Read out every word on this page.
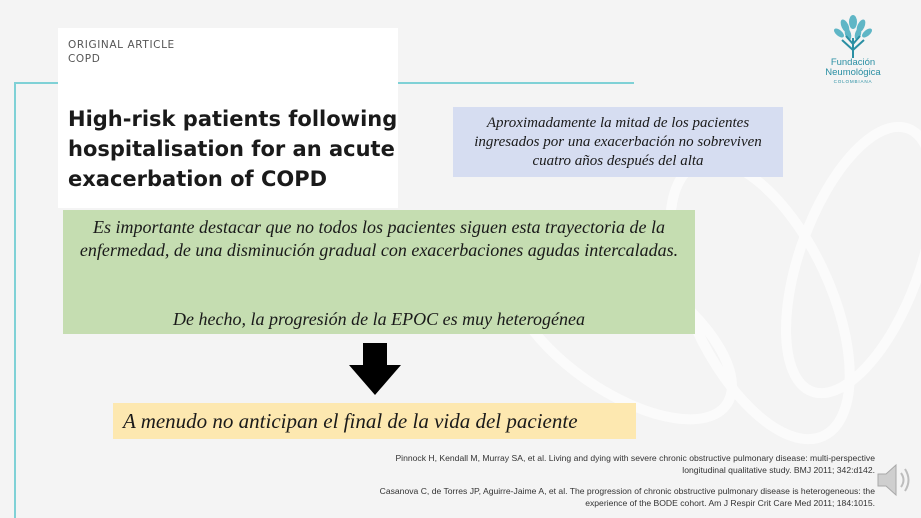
ORIGINAL ARTICLE
COPD
High-risk patients following hospitalisation for an acute exacerbation of COPD
Aproximadamente la mitad de los pacientes ingresados por una exacerbación no sobreviven cuatro años después del alta
Es importante destacar que no todos los pacientes siguen esta trayectoria de la enfermedad, de una disminución gradual con exacerbaciones agudas intercaladas.
De hecho, la progresión de la EPOC es muy heterogénea
A menudo no anticipan el final de la vida del paciente
Pinnock H, Kendall M, Murray SA, et al. Living and dying with severe chronic obstructive pulmonary disease: multi-perspective longitudinal qualitative study. BMJ 2011; 342:d142.
Casanova C, de Torres JP, Aguirre-Jaime A, et al. The progression of chronic obstructive pulmonary disease is heterogeneous: the experience of the BODE cohort. Am J Respir Crit Care Med 2011; 184:1015.
Fundación
Neumológica
COLOMBIANA
